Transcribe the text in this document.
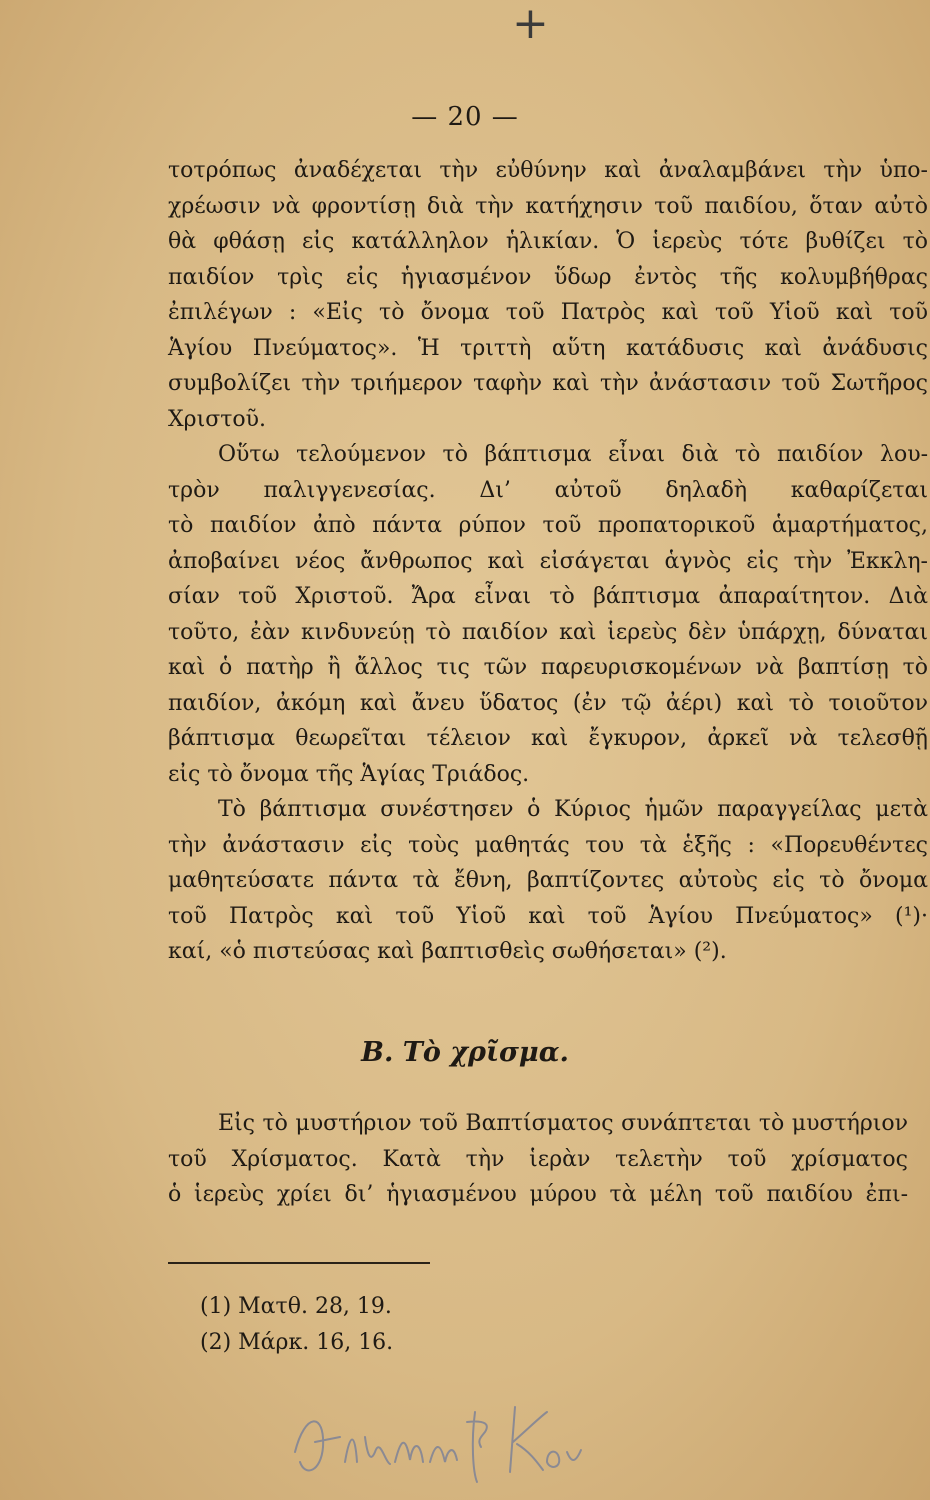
+
— 20 —
τοτρόπως ἀναδέχεται τὴν εὐθύνην καὶ ἀναλαμβάνει τὴν ὑπο-
χρέωσιν νὰ φροντίσῃ διὰ τὴν κατήχησιν τοῦ παιδίου, ὅταν αὐτὸ
θὰ φθάσῃ εἰς κατάλληλον ἡλικίαν. Ὁ ἱερεὺς τότε βυθίζει τὸ
παιδίον τρὶς εἰς ἡγιασμένον ὕδωρ ἐντὸς τῆς κολυμβήθρας
ἐπιλέγων : «Εἰς τὸ ὄνομα τοῦ Πατρὸς καὶ τοῦ Υἱοῦ καὶ τοῦ
Ἁγίου Πνεύματος». Ἡ τριττὴ αὕτη κατάδυσις καὶ ἀνάδυσις
συμβολίζει τὴν τριήμερον ταφὴν καὶ τὴν ἀνάστασιν τοῦ Σωτῆρος
Χριστοῦ.
Οὕτω τελούμενον τὸ βάπτισμα εἶναι διὰ τὸ παιδίον λου-
τρὸν παλιγγενεσίας. Δι’ αὐτοῦ δηλαδὴ καθαρίζεται
τὸ παιδίον ἀπὸ πάντα ρύπον τοῦ προπατορικοῦ ἁμαρτήματος,
ἀποβαίνει νέος ἄνθρωπος καὶ εἰσάγεται ἁγνὸς εἰς τὴν Ἐκκλη-
σίαν τοῦ Χριστοῦ. Ἄρα εἶναι τὸ βάπτισμα ἀπαραίτητον. Διὰ
τοῦτο, ἐὰν κινδυνεύῃ τὸ παιδίον καὶ ἱερεὺς δὲν ὑπάρχῃ, δύναται
καὶ ὁ πατὴρ ἢ ἄλλος τις τῶν παρευρισκομένων νὰ βαπτίσῃ τὸ
παιδίον, ἀκόμη καὶ ἄνευ ὕδατος (ἐν τῷ ἀέρι) καὶ τὸ τοιοῦτον
βάπτισμα θεωρεῖται τέλειον καὶ ἔγκυρον, ἀρκεῖ νὰ τελεσθῇ
εἰς τὸ ὄνομα τῆς Ἁγίας Τριάδος.
Τὸ βάπτισμα συνέστησεν ὁ Κύριος ἡμῶν παραγγείλας μετὰ
τὴν ἀνάστασιν εἰς τοὺς μαθητάς του τὰ ἑξῆς : «Πορευθέντες
μαθητεύσατε πάντα τὰ ἔθνη, βαπτίζοντες αὐτοὺς εἰς τὸ ὄνομα
τοῦ Πατρὸς καὶ τοῦ Υἱοῦ καὶ τοῦ Ἁγίου Πνεύματος» (¹)·
καί, «ὁ πιστεύσας καὶ βαπτισθεὶς σωθήσεται» (²).
Β. Τὸ χρῖσμα.
Εἰς τὸ μυστήριον τοῦ Βαπτίσματος συνάπτεται τὸ μυστήριον
τοῦ Χρίσματος. Κατὰ τὴν ἱερὰν τελετὴν τοῦ χρίσματος
ὁ ἱερεὺς χρίει δι’ ἡγιασμένου μύρου τὰ μέλη τοῦ παιδίου ἐπι-
(1) Ματθ. 28, 19.
(2) Μάρκ. 16, 16.
